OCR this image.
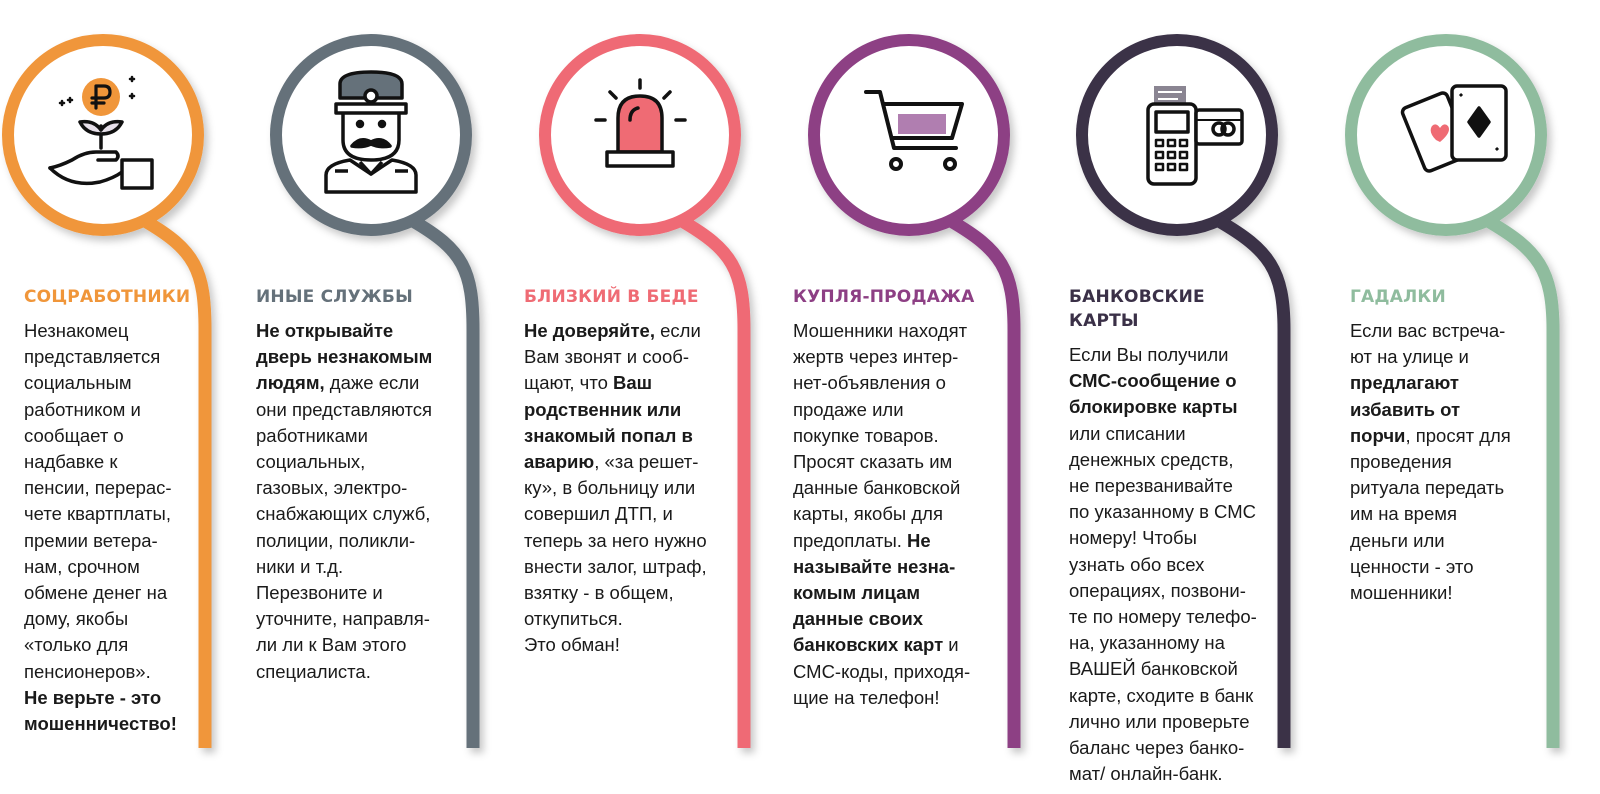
СОЦРАБОТНИКИ
Незнакомец
представляется
социальным
работником и
сообщает о
надбавке к
пенсии, перерас-
чете квартплаты,
премии ветера-
нам, срочном
обмене денег на
дому, якобы
«только для
пенсионеров».
Не верьте - это
мошенничество!
ИНЫЕ СЛУЖБЫ
Не открывайте
дверь незнакомым
людям, даже если
они представляются
работниками
социальных,
газовых, электро-
снабжающих служб,
полиции, поликли-
ники и т.д.
Перезвоните и
уточните, направля-
ли ли к Вам этого
специалиста.
БЛИЗКИЙ В БЕДЕ
Не доверяйте, если
Вам звонят и сооб-
щают, что Ваш
родственник или
знакомый попал в
аварию, «за решет-
ку», в больницу или
совершил ДТП, и
теперь за него нужно
внести залог, штраф,
взятку - в общем,
откупиться.
Это обман!
КУПЛЯ-ПРОДАЖА
Мошенники находят
жертв через интер-
нет-объявления о
продаже или
покупке товаров.
Просят сказать им
данные банковской
карты, якобы для
предоплаты. Не
называйте незна-
комым лицам
данные своих
банковских карт и
СМС-коды, приходя-
щие на телефон!
БАНКОВСКИЕ КАРТЫ
Если Вы получили
СМС-сообщение о
блокировке карты
или списании
денежных средств,
не перезванивайте
по указанному в СМС
номеру! Чтобы
узнать обо всех
операциях, позвони-
те по номеру телефо-
на, указанному на
ВАШЕЙ банковской
карте, сходите в банк
лично или проверьте
баланс через банко-
мат/ онлайн-банк.
ГАДАЛКИ
Если вас встреча-
ют на улице и
предлагают
избавить от
порчи, просят для
проведения
ритуала передать
им на время
деньги или
ценности - это
мошенники!
